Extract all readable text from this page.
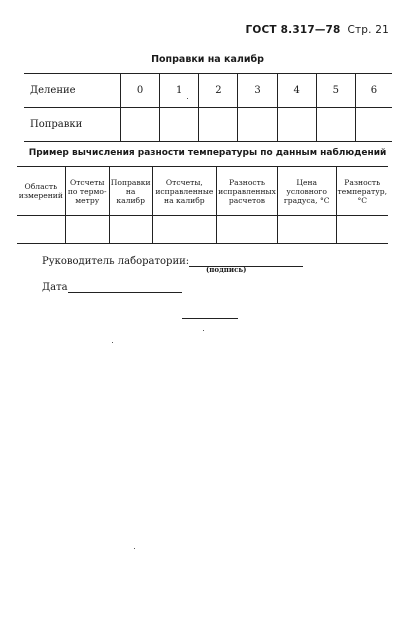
ГОСТ 8.317—78 Стр. 21
Поправки на калибр
Деление	0	1	2	3	4	5	6
Поправки							
Пример вычисления разности температуры по данным наблюдений
Область измерений	Отсчеты по термо-метру	Поправки на калибр	Отсчеты, исправленные на калибр	Разность исправленных расчетов	Цена условного градуса, °С	Разность температур, °С

Руководитель лаборатории:
(подпись)
Дата
